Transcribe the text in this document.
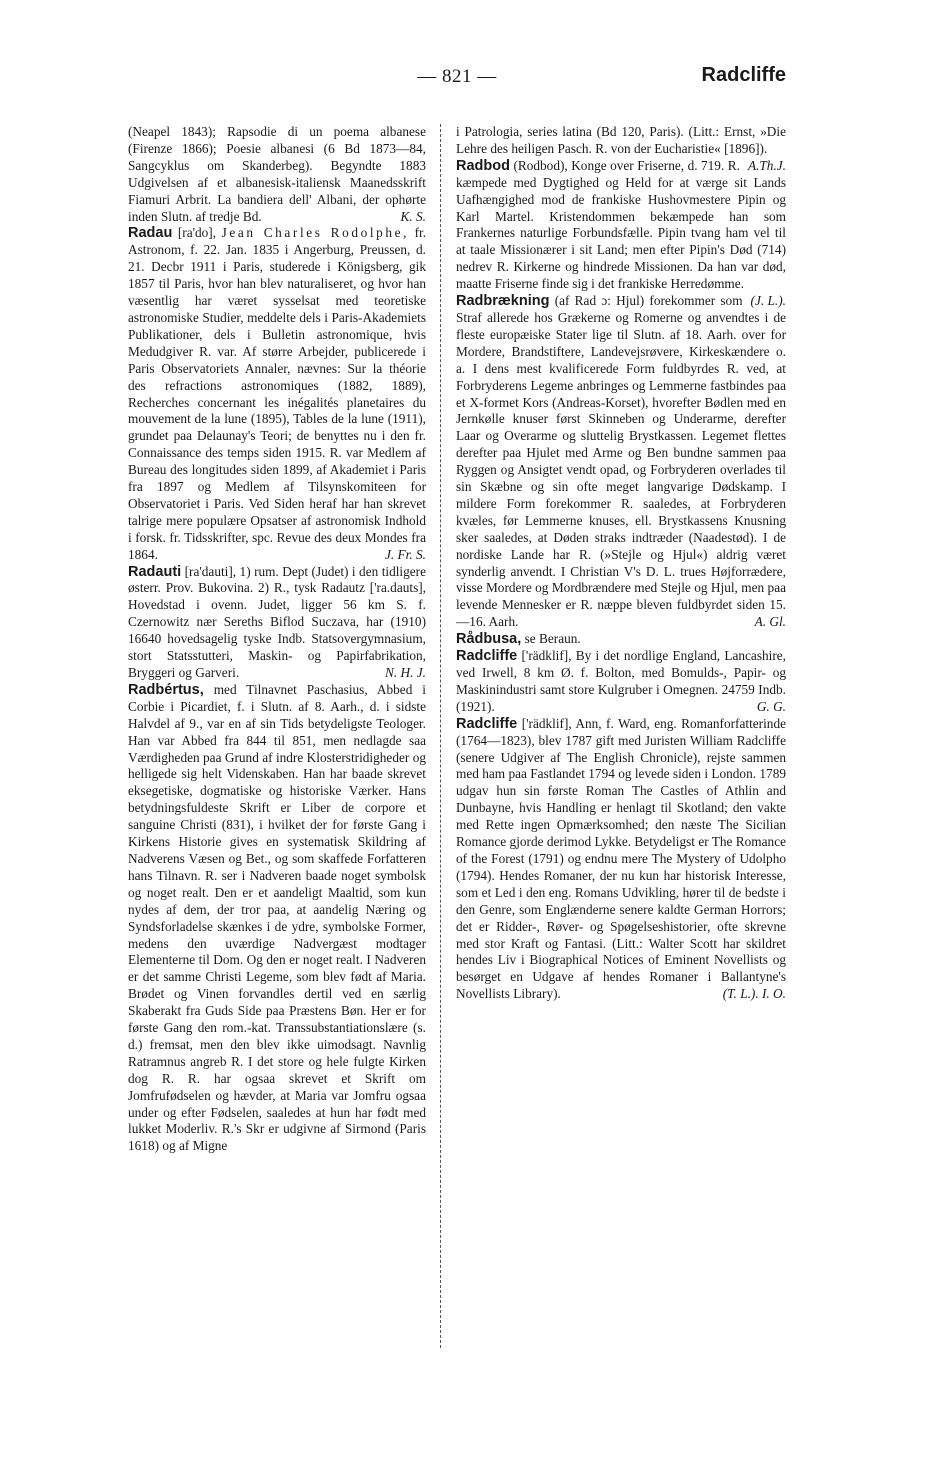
— 821 —	Radcliffe

(Neapel 1843); Rapsodie di un poema albanese (Firenze 1866); Poesie albanesi (6 Bd 1873—84, Sangcyklus om Skanderbeg). Begyndte 1883 Udgivelsen af et albanesisk-italiensk Maanedsskrift Fiamuri Arbrit. La bandiera dell' Albani, der ophørte inden Slutn. af tredje Bd.	K. S.

Radau [ra'do], Jean Charles Rodolphe, fr. Astronom, f. 22. Jan. 1835 i Angerburg, Preussen, d. 21. Decbr 1911 i Paris, studerede i Königsberg, gik 1857 til Paris, hvor han blev naturaliseret, og hvor han væsentlig har været sysselsat med teoretiske astronomiske Studier, meddelte dels i Paris-Akademiets Publikationer, dels i Bulletin astronomique, hvis Medudgiver R. var. Af større Arbejder, publicerede i Paris Observatoriets Annaler, nævnes: Sur la théorie des refractions astronomiques (1882, 1889), Recherches concernant les inégalités planetaires du mouvement de la lune (1895), Tables de la lune (1911), grundet paa Delaunay's Teori; de benyttes nu i den fr. Connaissance des temps siden 1915. R. var Medlem af Bureau des longitudes siden 1899, af Akademiet i Paris fra 1897 og Medlem af Tilsynskomiteen for Observatoriet i Paris. Ved Siden heraf har han skrevet talrige mere populære Opsatser af astronomisk Indhold i forsk. fr. Tidsskrifter, spc. Revue des deux Mondes fra 1864.	J. Fr. S.

Radauti [ra'dauti], 1) rum. Dept (Judet) i den tidligere østerr. Prov. Bukovina. 2) R., tysk Radautz ['ra.dauts], Hovedstad i ovenn. Judet, ligger 56 km S. f. Czernowitz nær Sereths Biflod Suczava, har (1910) 16640 hovedsagelig tyske Indb. Statsovergymnasium, stort Statsstutteri, Maskin- og Papirfabrikation, Bryggeri og Garveri.	N. H. J.

Radbértus, med Tilnavnet Paschasius, Abbed i Corbie i Picardiet, f. i Slutn. af 8. Aarh., d. i sidste Halvdel af 9., var en af sin Tids betydeligste Teologer. Han var Abbed fra 844 til 851, men nedlagde saa Værdigheden paa Grund af indre Klosterstridigheder og helligede sig helt Videnskaben. Han har baade skrevet eksegetiske, dogmatiske og historiske Værker. Hans betydningsfuldeste Skrift er Liber de corpore et sanguine Christi (831), i hvilket der for første Gang i Kirkens Historie gives en systematisk Skildring af Nadverens Væsen og Bet., og som skaffede Forfatteren hans Tilnavn. R. ser i Nadveren baade noget symbolsk og noget realt. Den er et aandeligt Maaltid, som kun nydes af dem, der tror paa, at aandelig Næring og Syndsforladelse skænkes i de ydre, symbolske Former, medens den uværdige Nadvergæst modtager Elementerne til Dom. Og den er noget realt. I Nadveren er det samme Christi Legeme, som blev født af Maria. Brødet og Vinen forvandles dertil ved en særlig Skaberakt fra Guds Side paa Præstens Bøn. Her er for første Gang den rom.-kat. Transsubstantiationslære (s. d.) fremsat, men den blev ikke uimodsagt. Navnlig Ratramnus angreb R. I det store og hele fulgte Kirken dog R. R. har ogsaa skrevet et Skrift om Jomfrufødselen og hævder, at Maria var Jomfru ogsaa under og efter Fødselen, saaledes at hun har født med lukket Moderliv. R.'s Skr er udgivne af Sirmond (Paris 1618) og af Migne

i Patrologia, series latina (Bd 120, Paris). (Litt.: Ernst, »Die Lehre des heiligen Pasch. R. von der Eucharistie« [1896]).
A.Th.J.

Radbod (Rodbod), Konge over Friserne, d. 719. R. kæmpede med Dygtighed og Held for at værge sit Lands Uafhængighed mod de frankiske Hushovmestere Pipin og Karl Martel. Kristendommen bekæmpede han som Frankernes naturlige Forbundsfælle. Pipin tvang ham vel til at taale Missionærer i sit Land; men efter Pipin's Død (714) nedrev R. Kirkerne og hindrede Missionen. Da han var død, maatte Friserne finde sig i det frankiske Herredømme.
(J. L.).

Radbrækning (af Rad ɔ: Hjul) forekommer som Straf allerede hos Grækerne og Romerne og anvendtes i de fleste europæiske Stater lige til Slutn. af 18. Aarh. over for Mordere, Brandstiftere, Landevejsrøvere, Kirkeskændere o. a. I dens mest kvalificerede Form fuldbyrdes R. ved, at Forbryderens Legeme anbringes og Lemmerne fastbindes paa et X-formet Kors (Andreas-Korset), hvorefter Bødlen med en Jernkølle knuser først Skinneben og Underarme, derefter Laar og Overarme og sluttelig Brystkassen. Legemet flettes derefter paa Hjulet med Arme og Ben bundne sammen paa Ryggen og Ansigtet vendt opad, og Forbryderen overlades til sin Skæbne og sin ofte meget langvarige Dødskamp. I mildere Form forekommer R. saaledes, at Forbryderen kvæles, før Lemmerne knuses, ell. Brystkassens Knusning sker saaledes, at Døden straks indtræder (Naadestød). I de nordiske Lande har R. (»Stejle og Hjul«) aldrig været synderlig anvendt. I Christian V's D. L. trues Højforrædere, visse Mordere og Mordbrændere med Stejle og Hjul, men paa levende Mennesker er R. næppe bleven fuldbyrdet siden 15.—16. Aarh.	A. Gl.

Rådbusa, se Beraun.

Radcliffe ['rädklif], By i det nordlige England, Lancashire, ved Irwell, 8 km Ø. f. Bolton, med Bomulds-, Papir- og Maskinindustri samt store Kulgruber i Omegnen. 24759 Indb. (1921).	G. G.

Radcliffe ['rädklif], Ann, f. Ward, eng. Romanforfatterinde (1764—1823), blev 1787 gift med Juristen William Radcliffe (senere Udgiver af The English Chronicle), rejste sammen med ham paa Fastlandet 1794 og levede siden i London. 1789 udgav hun sin første Roman The Castles of Athlin and Dunbayne, hvis Handling er henlagt til Skotland; den vakte med Rette ingen Opmærksomhed; den næste The Sicilian Romance gjorde derimod Lykke. Betydeligst er The Romance of the Forest (1791) og endnu mere The Mystery of Udolpho (1794). Hendes Romaner, der nu kun har historisk Interesse, som et Led i den eng. Romans Udvikling, hører til de bedste i den Genre, som Englænderne senere kaldte German Horrors; det er Ridder-, Røver- og Spøgelseshistorier, ofte skrevne med stor Kraft og Fantasi. (Litt.: Walter Scott har skildret hendes Liv i Biographical Notices of Eminent Novellists og besørget en Udgave af hendes Romaner i Ballantyne's Novellists Library).	(T. L.). I. O.
